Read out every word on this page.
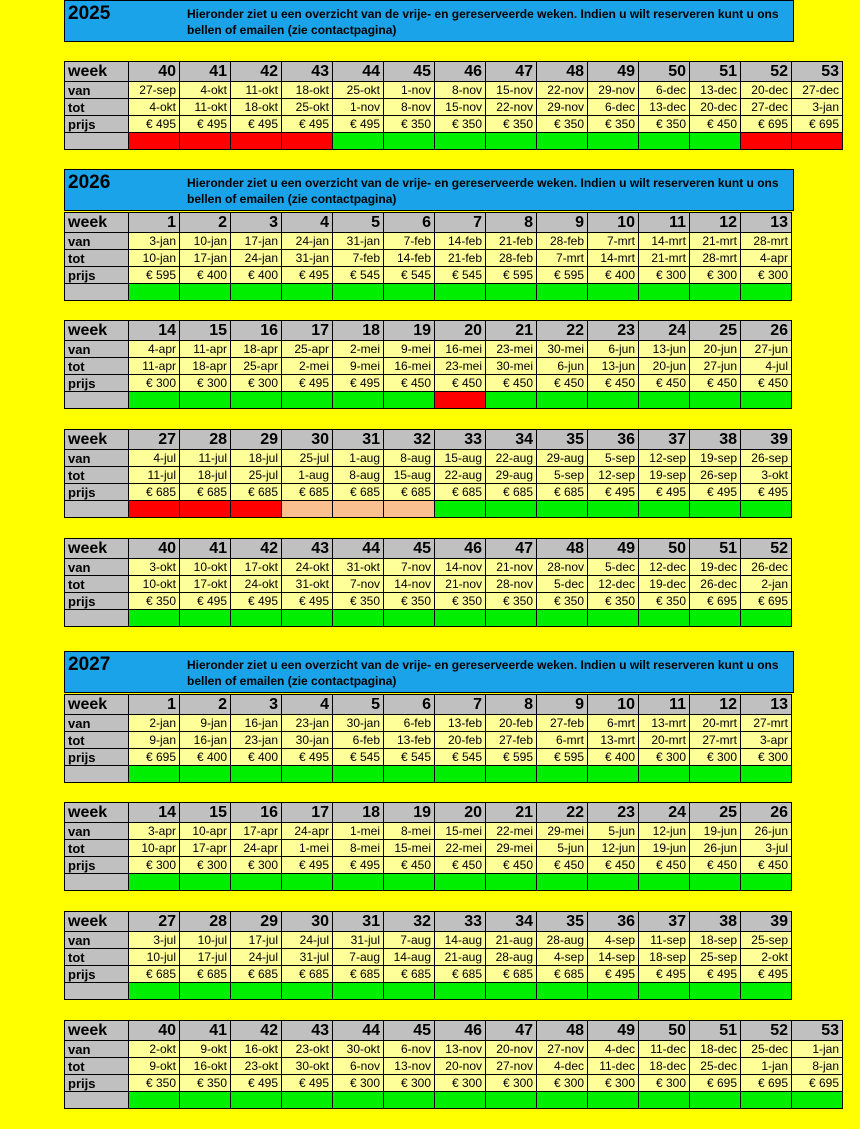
2025	Hieronder ziet u een overzicht van de vrije- en gereserveerde weken. Indien u wilt reserveren kunt u ons bellen of emailen (zie contactpagina)
2026	Hieronder ziet u een overzicht van de vrije- en gereserveerde weken. Indien u wilt reserveren kunt u ons bellen of emailen (zie contactpagina)
2027	Hieronder ziet u een overzicht van de vrije- en gereserveerde weken. Indien u wilt reserveren kunt u ons bellen of emailen (zie contactpagina)
week	40	41	42	43	44	45	46	47	48	49	50	51	52	53
van	27-sep	4-okt	11-okt	18-okt	25-okt	1-nov	8-nov	15-nov	22-nov	29-nov	6-dec	13-dec	20-dec	27-dec
tot	4-okt	11-okt	18-okt	25-okt	1-nov	8-nov	15-nov	22-nov	29-nov	6-dec	13-dec	20-dec	27-dec	3-jan
prijs	€ 495	€ 495	€ 495	€ 495	€ 495	€ 350	€ 350	€ 350	€ 350	€ 350	€ 350	€ 450	€ 695	€ 695

week	1	2	3	4	5	6	7	8	9	10	11	12	13
van	3-jan	10-jan	17-jan	24-jan	31-jan	7-feb	14-feb	21-feb	28-feb	7-mrt	14-mrt	21-mrt	28-mrt
tot	10-jan	17-jan	24-jan	31-jan	7-feb	14-feb	21-feb	28-feb	7-mrt	14-mrt	21-mrt	28-mrt	4-apr
prijs	€ 595	€ 400	€ 400	€ 495	€ 545	€ 545	€ 545	€ 595	€ 595	€ 400	€ 300	€ 300	€ 300

week	14	15	16	17	18	19	20	21	22	23	24	25	26
van	4-apr	11-apr	18-apr	25-apr	2-mei	9-mei	16-mei	23-mei	30-mei	6-jun	13-jun	20-jun	27-jun
tot	11-apr	18-apr	25-apr	2-mei	9-mei	16-mei	23-mei	30-mei	6-jun	13-jun	20-jun	27-jun	4-jul
prijs	€ 300	€ 300	€ 300	€ 495	€ 495	€ 450	€ 450	€ 450	€ 450	€ 450	€ 450	€ 450	€ 450

week	27	28	29	30	31	32	33	34	35	36	37	38	39
van	4-jul	11-jul	18-jul	25-jul	1-aug	8-aug	15-aug	22-aug	29-aug	5-sep	12-sep	19-sep	26-sep
tot	11-jul	18-jul	25-jul	1-aug	8-aug	15-aug	22-aug	29-aug	5-sep	12-sep	19-sep	26-sep	3-okt
prijs	€ 685	€ 685	€ 685	€ 685	€ 685	€ 685	€ 685	€ 685	€ 685	€ 495	€ 495	€ 495	€ 495

week	40	41	42	43	44	45	46	47	48	49	50	51	52
van	3-okt	10-okt	17-okt	24-okt	31-okt	7-nov	14-nov	21-nov	28-nov	5-dec	12-dec	19-dec	26-dec
tot	10-okt	17-okt	24-okt	31-okt	7-nov	14-nov	21-nov	28-nov	5-dec	12-dec	19-dec	26-dec	2-jan
prijs	€ 350	€ 495	€ 495	€ 495	€ 350	€ 350	€ 350	€ 350	€ 350	€ 350	€ 350	€ 695	€ 695

week	1	2	3	4	5	6	7	8	9	10	11	12	13
van	2-jan	9-jan	16-jan	23-jan	30-jan	6-feb	13-feb	20-feb	27-feb	6-mrt	13-mrt	20-mrt	27-mrt
tot	9-jan	16-jan	23-jan	30-jan	6-feb	13-feb	20-feb	27-feb	6-mrt	13-mrt	20-mrt	27-mrt	3-apr
prijs	€ 695	€ 400	€ 400	€ 495	€ 545	€ 545	€ 545	€ 595	€ 595	€ 400	€ 300	€ 300	€ 300

week	14	15	16	17	18	19	20	21	22	23	24	25	26
van	3-apr	10-apr	17-apr	24-apr	1-mei	8-mei	15-mei	22-mei	29-mei	5-jun	12-jun	19-jun	26-jun
tot	10-apr	17-apr	24-apr	1-mei	8-mei	15-mei	22-mei	29-mei	5-jun	12-jun	19-jun	26-jun	3-jul
prijs	€ 300	€ 300	€ 300	€ 495	€ 495	€ 450	€ 450	€ 450	€ 450	€ 450	€ 450	€ 450	€ 450

week	27	28	29	30	31	32	33	34	35	36	37	38	39
van	3-jul	10-jul	17-jul	24-jul	31-jul	7-aug	14-aug	21-aug	28-aug	4-sep	11-sep	18-sep	25-sep
tot	10-jul	17-jul	24-jul	31-jul	7-aug	14-aug	21-aug	28-aug	4-sep	14-sep	18-sep	25-sep	2-okt
prijs	€ 685	€ 685	€ 685	€ 685	€ 685	€ 685	€ 685	€ 685	€ 685	€ 495	€ 495	€ 495	€ 495

week	40	41	42	43	44	45	46	47	48	49	50	51	52	53
van	2-okt	9-okt	16-okt	23-okt	30-okt	6-nov	13-nov	20-nov	27-nov	4-dec	11-dec	18-dec	25-dec	1-jan
tot	9-okt	16-okt	23-okt	30-okt	6-nov	13-nov	20-nov	27-nov	4-dec	11-dec	18-dec	25-dec	1-jan	8-jan
prijs	€ 350	€ 350	€ 495	€ 495	€ 300	€ 300	€ 300	€ 300	€ 300	€ 300	€ 300	€ 695	€ 695	€ 695
